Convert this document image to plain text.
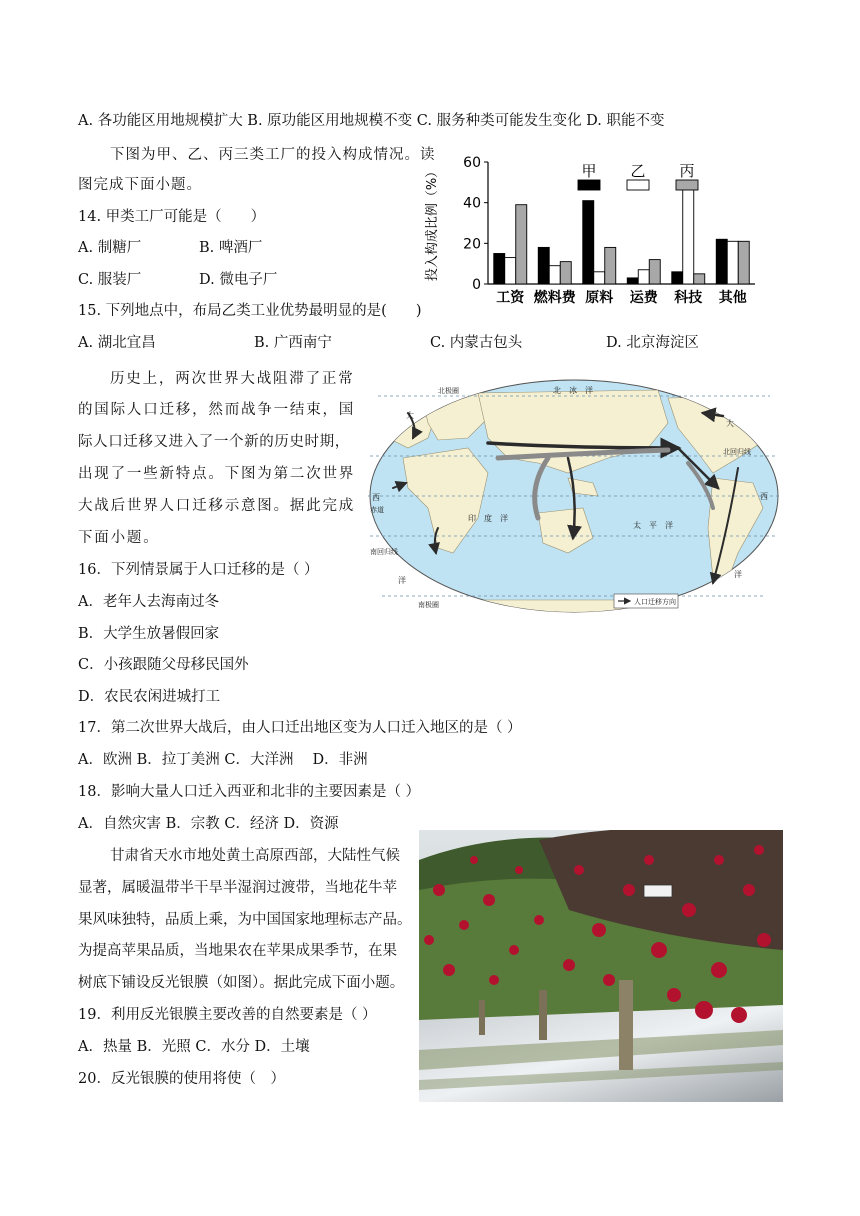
A. 各功能区用地规模扩大 B. 原功能区用地规模不变 C. 服务种类可能发生变化 D. 职能不变
下图为甲、乙、丙三类工厂的投入构成情况。读
图完成下面小题。
14. 甲类工厂可能是（　　）
A. 制糖厂	B. 啤酒厂
C. 服装厂	D. 微电子厂	0
20
40
60
投入构成比例（%）
工资 燃料费 原料 运费 科技 其他
甲 乙 丙
15. 下列地点中，布局乙类工业优势最明显的是(　　)
A. 湖北宜昌	B. 广西南宁	C. 内蒙古包头	D. 北京海淀区
历史上，两次世界大战阻滞了正常
的国际人口迁移，然而战争一结束，国
际人口迁移又进入了一个新的历史时期，
出现了一些新特点。下图为第二次世界
大战后世界人口迁移示意图。据此完成
下面小题。
北　冰　洋
北极圈
北回归线
赤道
南回归线
南极圈
印　度　洋
太　平　洋
大
西
洋
大
西
洋
人口迁移方向
16．下列情景属于人口迁移的是（ ）
A．老年人去海南过冬
B．大学生放暑假回家
C．小孩跟随父母移民国外
D．农民农闲进城打工
17．第二次世界大战后，由人口迁出地区变为人口迁入地区的是（ ）
A．欧洲 B．拉丁美洲 C．大洋洲　 D．非洲
18．影响大量人口迁入西亚和北非的主要因素是（ ）
A．自然灾害 B．宗教 C．经济 D．资源
甘肃省天水市地处黄土高原西部，大陆性气候
显著，属暖温带半干旱半湿润过渡带，当地花牛苹
果风味独特，品质上乘，为中国国家地理标志产品。
为提高苹果品质，当地果农在苹果成果季节，在果
树底下铺设反光银膜（如图）。据此完成下面小题。
19．利用反光银膜主要改善的自然要素是（ ）
A．热量 B．光照 C．水分 D．土壤
20．反光银膜的使用将使（　）
